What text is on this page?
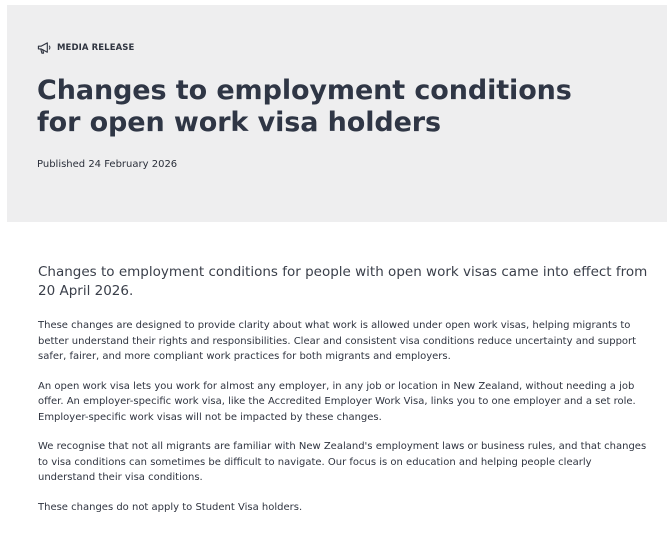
MEDIA RELEASE
Changes to employment conditions for open work visa holders
Published 24 February 2026

Changes to employment conditions for people with open work visas came into effect from 20 April 2026.

These changes are designed to provide clarity about what work is allowed under open work visas, helping migrants to better understand their rights and responsibilities. Clear and consistent visa conditions reduce uncertainty and support safer, fairer, and more compliant work practices for both migrants and employers.

An open work visa lets you work for almost any employer, in any job or location in New Zealand, without needing a job offer. An employer-specific work visa, like the Accredited Employer Work Visa, links you to one employer and a set role. Employer-specific work visas will not be impacted by these changes.

We recognise that not all migrants are familiar with New Zealand's employment laws or business rules, and that changes to visa conditions can sometimes be difficult to navigate. Our focus is on education and helping people clearly understand their visa conditions.

These changes do not apply to Student Visa holders.
